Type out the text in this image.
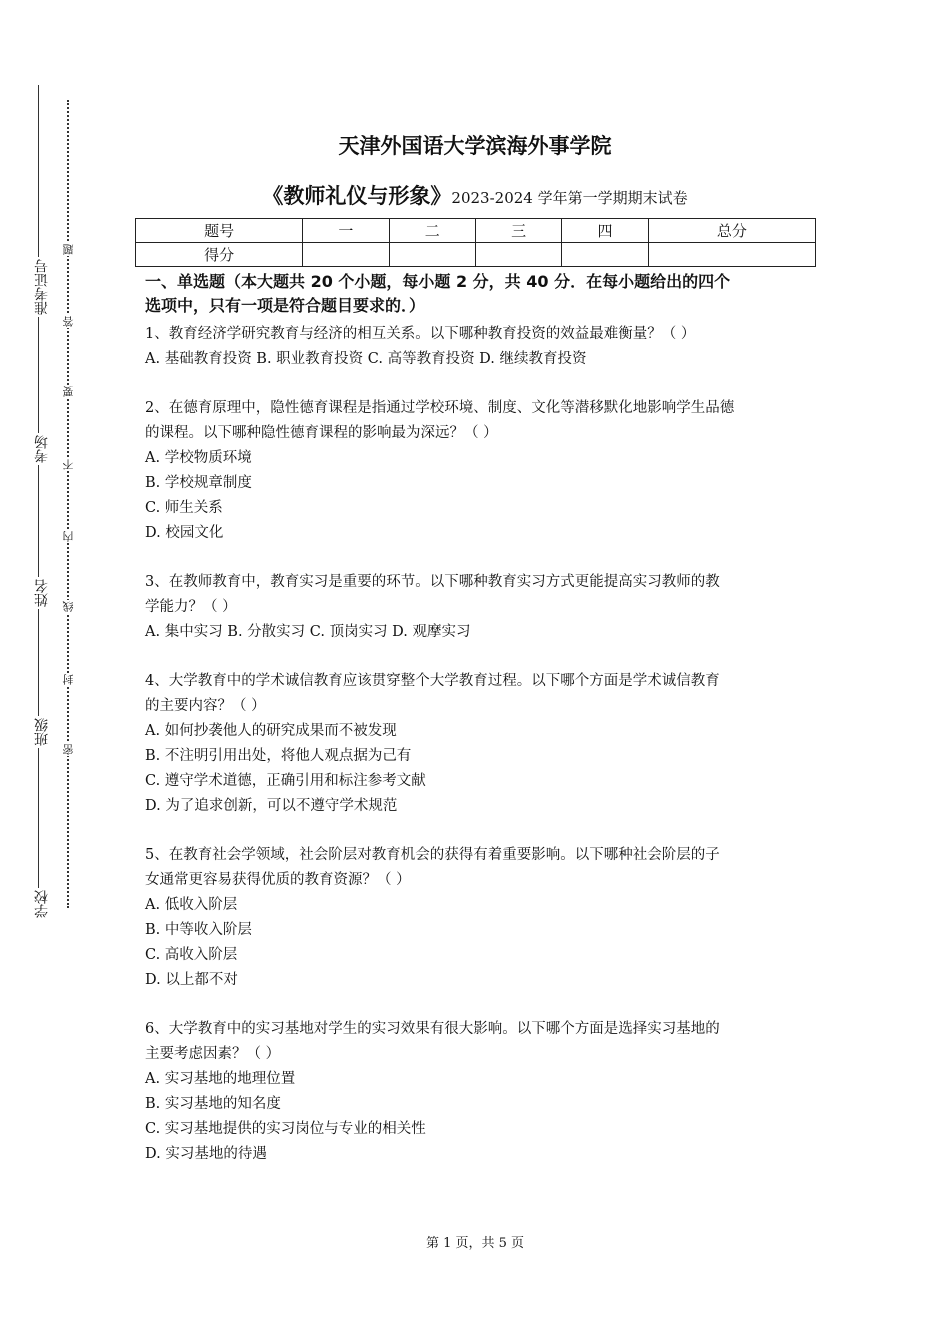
准考证号
考场
姓名
班级
学校
题
答
要
不
内
线
封
密
天津外国语大学滨海外事学院
《教师礼仪与形象》2023-2024 学年第一学期期末试卷
题号	一	二	三	四	总分
得分					
一、单选题（本大题共 20 个小题，每小题 2 分，共 40 分．在每小题给出的四个
选项中，只有一项是符合题目要求的．）

1、教育经济学研究教育与经济的相互关系。以下哪种教育投资的效益最难衡量？（ ）

A. 基础教育投资 B. 职业教育投资 C. 高等教育投资 D. 继续教育投资

2、在德育原理中，隐性德育课程是指通过学校环境、制度、文化等潜移默化地影响学生品德

的课程。以下哪种隐性德育课程的影响最为深远？（ ）

A. 学校物质环境

B. 学校规章制度

C. 师生关系

D. 校园文化

3、在教师教育中，教育实习是重要的环节。以下哪种教育实习方式更能提高实习教师的教

学能力？（ ）

A. 集中实习 B. 分散实习 C. 顶岗实习 D. 观摩实习

4、大学教育中的学术诚信教育应该贯穿整个大学教育过程。以下哪个方面是学术诚信教育

的主要内容？（ ）

A. 如何抄袭他人的研究成果而不被发现

B. 不注明引用出处，将他人观点据为己有

C. 遵守学术道德，正确引用和标注参考文献

D. 为了追求创新，可以不遵守学术规范

5、在教育社会学领域，社会阶层对教育机会的获得有着重要影响。以下哪种社会阶层的子

女通常更容易获得优质的教育资源？（ ）

A. 低收入阶层

B. 中等收入阶层

C. 高收入阶层

D. 以上都不对

6、大学教育中的实习基地对学生的实习效果有很大影响。以下哪个方面是选择实习基地的

主要考虑因素？（ ）

A. 实习基地的地理位置

B. 实习基地的知名度

C. 实习基地提供的实习岗位与专业的相关性

D. 实习基地的待遇

第 1 页，共 5 页
